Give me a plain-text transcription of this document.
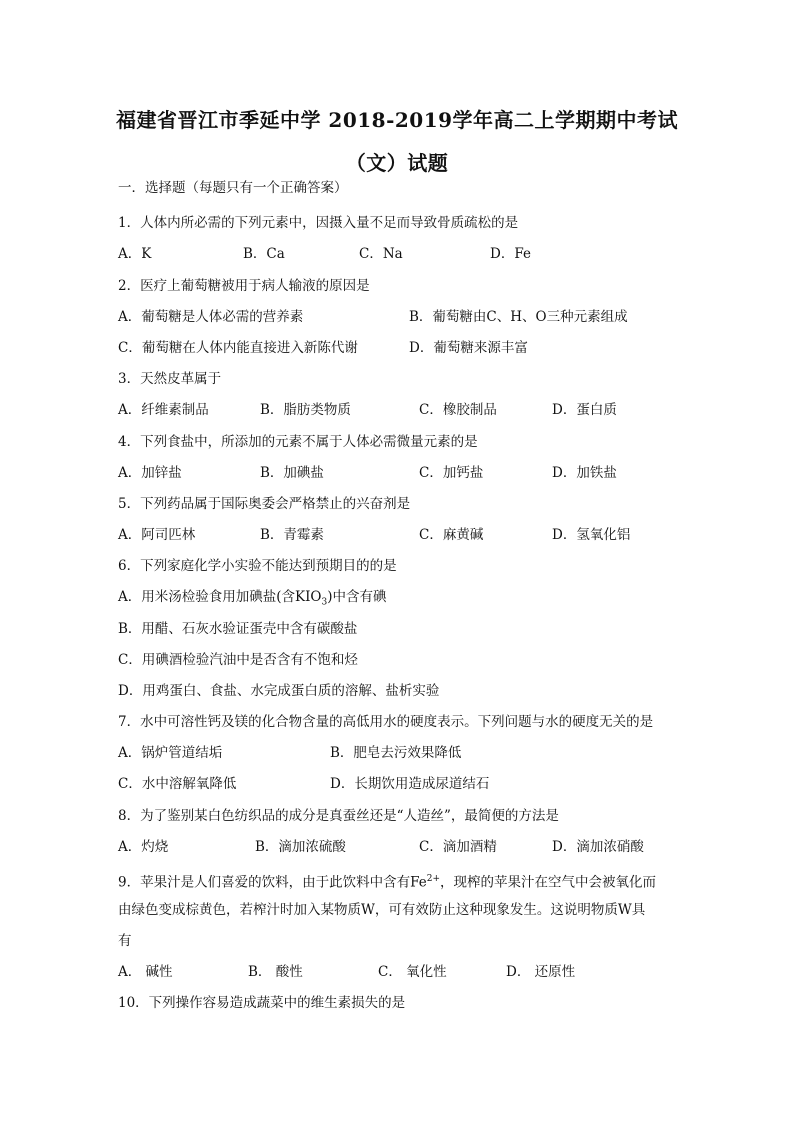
福建省晋江市季延中学 2018-2019学年高二上学期期中考试
（文）试题
一．选择题（每题只有一个正确答案）
1．人体内所必需的下列元素中，因摄入量不足而导致骨质疏松的是
A．K	B．Ca	C．Na	D．Fe
2．医疗上葡萄糖被用于病人输液的原因是
A．葡萄糖是人体必需的营养素	B．葡萄糖由C、H、O三种元素组成
C．葡萄糖在人体内能直接进入新陈代谢	D．葡萄糖来源丰富
3．天然皮革属于
A．纤维素制品	B．脂肪类物质	C．橡胶制品	D．蛋白质
4．下列食盐中，所添加的元素不属于人体必需微量元素的是
A．加锌盐	B．加碘盐	C．加钙盐	D．加铁盐
5．下列药品属于国际奥委会严格禁止的兴奋剂是
A．阿司匹林	B．青霉素	C．麻黄碱	D．氢氧化铝
6．下列家庭化学小实验不能达到预期目的的是
A．用米汤检验食用加碘盐(含$KIO_3$)中含有碘
B．用醋、石灰水验证蛋壳中含有碳酸盐
C．用碘酒检验汽油中是否含有不饱和烃
D．用鸡蛋白、食盐、水完成蛋白质的溶解、盐析实验
7．水中可溶性钙及镁的化合物含量的高低用水的硬度表示。下列问题与水的硬度无关的是
A．锅炉管道结垢	B．肥皂去污效果降低
C．水中溶解氧降低	D．长期饮用造成尿道结石
8．为了鉴别某白色纺织品的成分是真蚕丝还是“人造丝”，最简便的方法是
A．灼烧	B．滴加浓硫酸	C．滴加酒精	D．滴加浓硝酸
9．苹果汁是人们喜爱的饮料，由于此饮料中含有$Fe^{2+}$，现榨的苹果汁在空气中会被氧化而
由绿色变成棕黄色，若榨汁时加入某物质W，可有效防止这种现象发生。这说明物质W具
有
A． 碱性	B． 酸性	C． 氧化性	D． 还原性
10．下列操作容易造成蔬菜中的维生素损失的是
